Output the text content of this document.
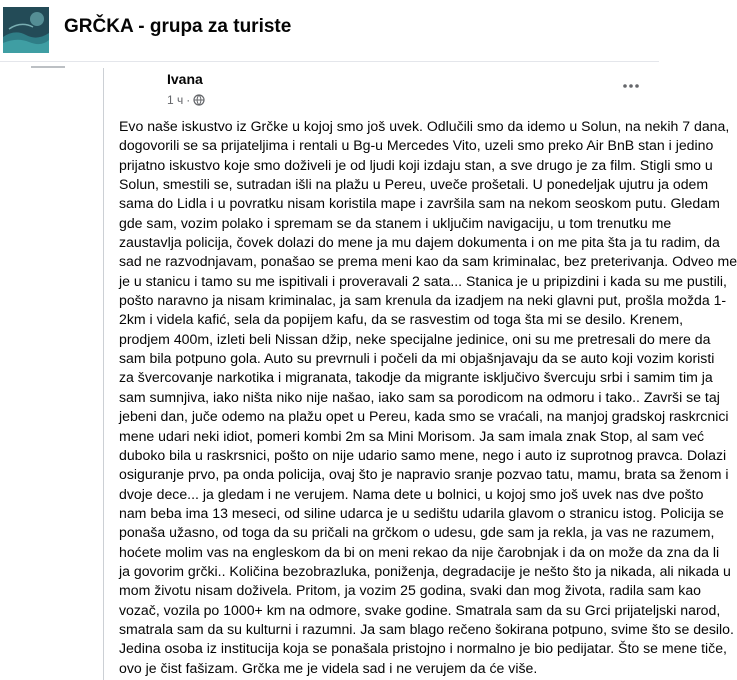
GRČKA - grupa za turiste
Ivana
1 ч ·
Evo naše iskustvo iz Grčke u kojoj smo još uvek. Odlučili smo da idemo u Solun, na nekih 7 dana,
dogovorili se sa prijateljima i rentali u Bg-u Mercedes Vito, uzeli smo preko Air BnB stan i jedino
prijatno iskustvo koje smo doživeli je od ljudi koji izdaju stan, a sve drugo je za film. Stigli smo u
Solun, smestili se, sutradan išli na plažu u Pereu, uveče prošetali. U ponedeljak ujutru ja odem
sama do Lidla i u povratku nisam koristila mape i završila sam na nekom seoskom putu. Gledam
gde sam, vozim polako i spremam se da stanem i uključim navigaciju, u tom trenutku me
zaustavlja policija, čovek dolazi do mene ja mu dajem dokumenta i on me pita šta ja tu radim, da
sad ne razvodnjavam, ponašao se prema meni kao da sam kriminalac, bez preterivanja. Odveo me
je u stanicu i tamo su me ispitivali i proveravali 2 sata... Stanica je u pripizdini i kada su me pustili,
pošto naravno ja nisam kriminalac, ja sam krenula da izadjem na neki glavni put, prošla možda 1-
2km i videla kafić, sela da popijem kafu, da se rasvestim od toga šta mi se desilo. Krenem,
prodjem 400m, izleti beli Nissan džip, neke specijalne jedinice, oni su me pretresali do mere da
sam bila potpuno gola. Auto su prevrnuli i počeli da mi objašnjavaju da se auto koji vozim koristi
za švercovanje narkotika i migranata, takodje da migrante isključivo švercuju srbi i samim tim ja
sam sumnjiva, iako ništa niko nije našao, iako sam sa porodicom na odmoru i tako.. Završi se taj
jebeni dan, juče odemo na plažu opet u Pereu, kada smo se vraćali, na manjoj gradskoj raskrcnici
mene udari neki idiot, pomeri kombi 2m sa Mini Morisom. Ja sam imala znak Stop, al sam već
duboko bila u raskrsnici, pošto on nije udario samo mene, nego i auto iz suprotnog pravca. Dolazi
osiguranje prvo, pa onda policija, ovaj što je napravio sranje pozvao tatu, mamu, brata sa ženom i
dvoje dece... ja gledam i ne verujem. Nama dete u bolnici, u kojoj smo još uvek nas dve pošto
nam beba ima 13 meseci, od siline udarca je u sedištu udarila glavom o stranicu istog. Policija se
ponaša užasno, od toga da su pričali na grčkom o udesu, gde sam ja rekla, ja vas ne razumem,
hoćete molim vas na engleskom da bi on meni rekao da nije čarobnjak i da on može da zna da li
ja govorim grčki.. Količina bezobrazluka, poniženja, degradacije je nešto što ja nikada, ali nikada u
mom životu nisam doživela. Pritom, ja vozim 25 godina, svaki dan mog života, radila sam kao
vozač, vozila po 1000+ km na odmore, svake godine. Smatrala sam da su Grci prijateljski narod,
smatrala sam da su kulturni i razumni. Ja sam blago rečeno šokirana potpuno, svime što se desilo.
Jedina osoba iz institucija koja se ponašala pristojno i normalno je bio pedijatar. Što se mene tiče,
ovo je čist fašizam. Grčka me je videla sad i ne verujem da će više.
